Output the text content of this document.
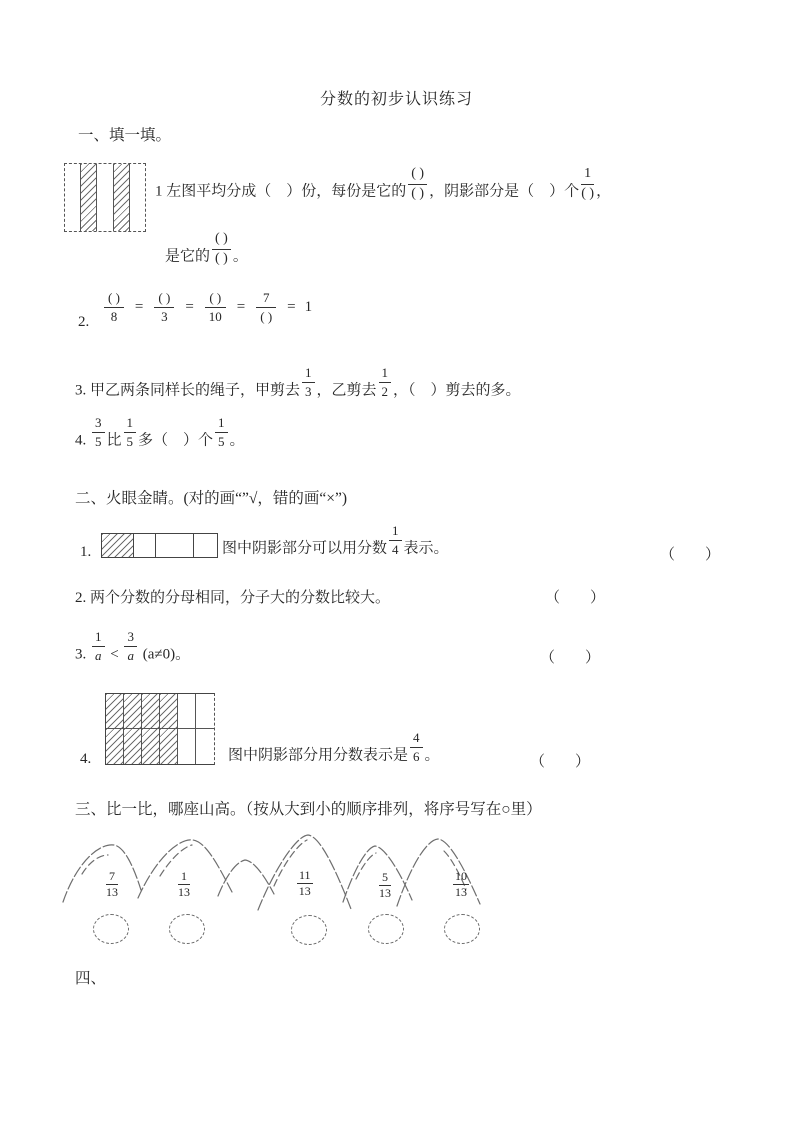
分数的初步认识练习
一、填一填。
1 左图平均分成（　）份，每份是它的 $\frac{( )}{( )}$ ，阴影部分是（　）个 $\frac{1}{( )}$ ，
是它的 $\frac{( )}{( )}$ 。
2. $\frac{( )}{8} = \frac{( )}{3} = \frac{( )}{10} = \frac{7}{( )} = 1$
3. 甲乙两条同样长的绳子，甲剪去 $\frac{1}{3}$ ，乙剪去 $\frac{1}{2}$ ，（　）剪去的多。
4. $\frac{3}{5}$ 比 $\frac{1}{5}$ 多（　）个 $\frac{1}{5}$ 。
二、火眼金睛。(对的画“”√，错的画“×”)
1.	图中阴影部分可以用分数 $\frac{1}{4}$ 表示。	（　　）
2. 两个分数的分母相同，分子大的分数比较大。	（　　）
3. $\frac{1}{a} < \frac{3}{a} (a\ne 0)$。	（　　）
4.	图中阴影部分用分数表示是 $\frac{4}{6}$ 。	（　　）
三、比一比，哪座山高。（按从大到小的顺序排列，将序号写在○里）
$\frac{7}{13}$	$\frac{1}{13}$	$\frac{11}{13}$	$\frac{5}{13}$	$\frac{10}{13}$
四、
